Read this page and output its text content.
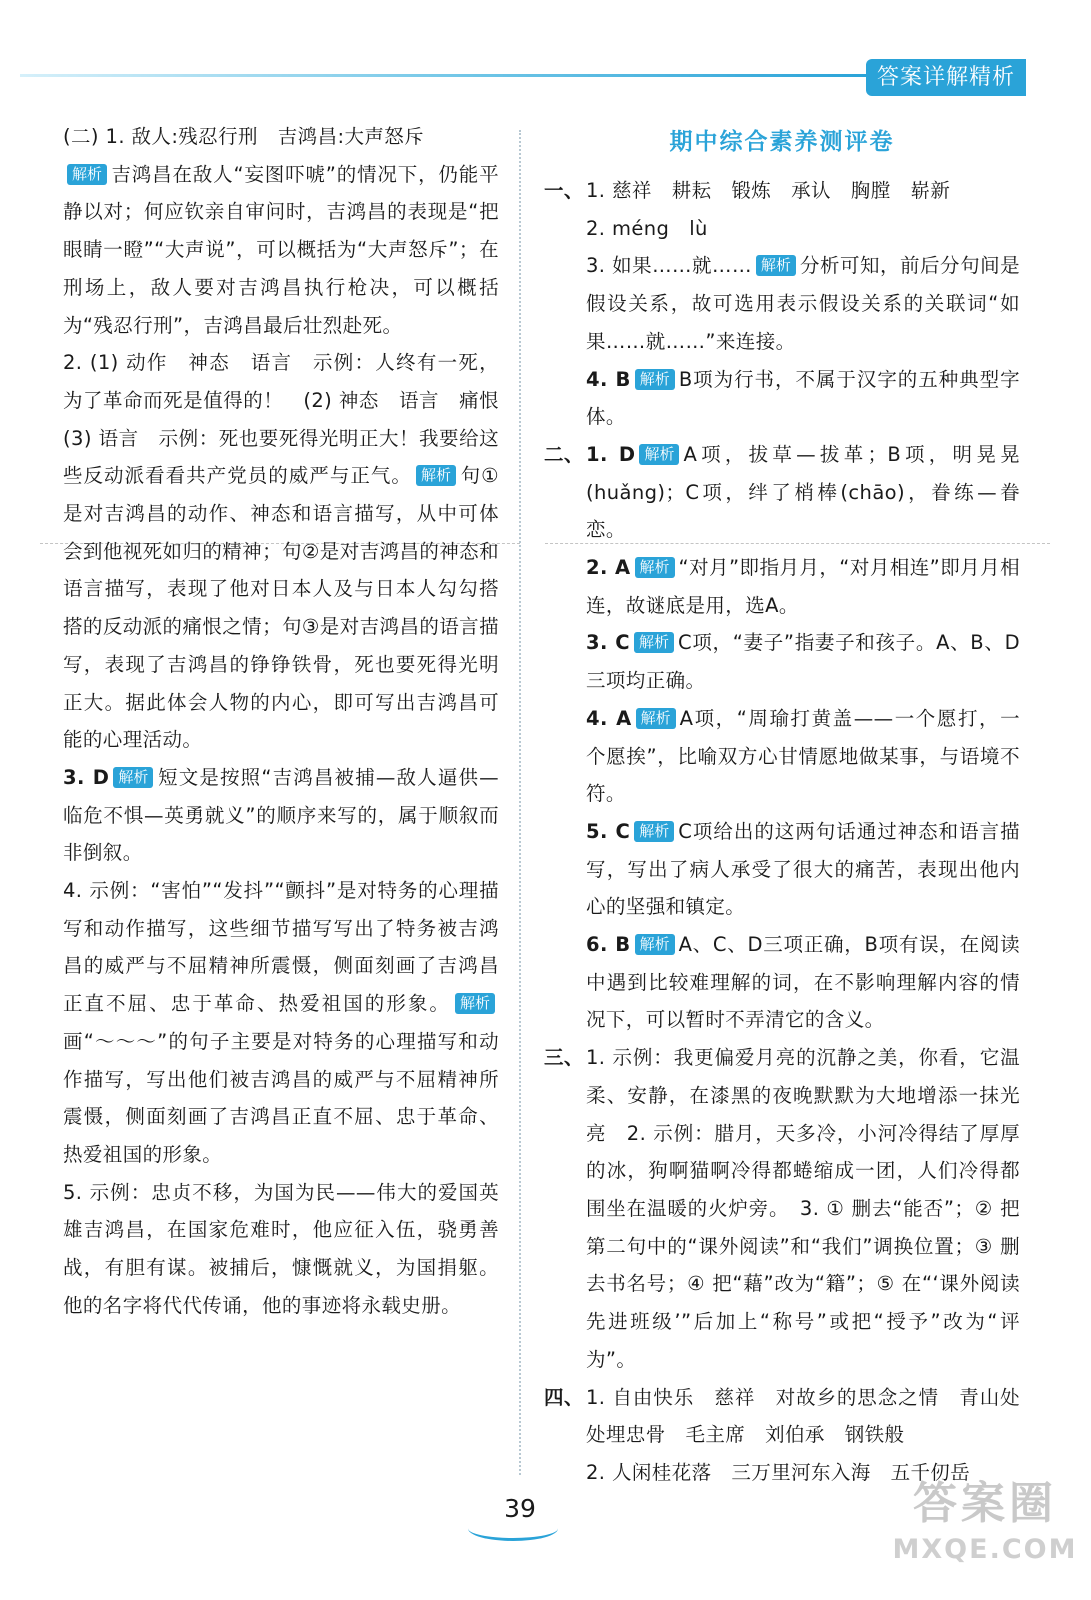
答案详解精析

(二) 1. 敌人:残忍行刑　吉鸿昌:大声怒斥
解析 吉鸿昌在敌人“妄图吓唬”的情况下，仍能平静以对；何应钦亲自审问时，吉鸿昌的表现是“把眼睛一瞪”“大声说”，可以概括为“大声怒斥”；在刑场上，敌人要对吉鸿昌执行枪决，可以概括为“残忍行刑”，吉鸿昌最后壮烈赴死。

2. (1) 动作　神态　语言　示例：人终有一死，为了革命而死是值得的！　(2) 神态　语言　痛恨　(3) 语言　示例：死也要死得光明正大！我要给这些反动派看看共产党员的威严与正气。 解析 句①是对吉鸿昌的动作、神态和语言描写，从中可体会到他视死如归的精神；句②是对吉鸿昌的神态和语言描写，表现了他对日本人及与日本人勾勾搭搭的反动派的痛恨之情；句③是对吉鸿昌的语言描写，表现了吉鸿昌的铮铮铁骨，死也要死得光明正大。据此体会人物的内心，即可写出吉鸿昌可能的心理活动。

3. D 解析 短文是按照“吉鸿昌被捕—敌人逼供—临危不惧—英勇就义”的顺序来写的，属于顺叙而非倒叙。

4. 示例：“害怕”“发抖”“颤抖”是对特务的心理描写和动作描写，这些细节描写写出了特务被吉鸿昌的威严与不屈精神所震慑，侧面刻画了吉鸿昌正直不屈、忠于革命、热爱祖国的形象。 解析画“～～～”的句子主要是对特务的心理描写和动作描写，写出他们被吉鸿昌的威严与不屈精神所震慑，侧面刻画了吉鸿昌正直不屈、忠于革命、热爱祖国的形象。

5. 示例：忠贞不移，为国为民——伟大的爱国英雄吉鸿昌，在国家危难时，他应征入伍，骁勇善战，有胆有谋。被捕后，慷慨就义，为国捐躯。他的名字将代代传诵，他的事迹将永载史册。

期中综合素养测评卷
一、 1. 慈祥　耕耘　锻炼　承认　胸膛　崭新

2. méng　lù

3. 如果……就…… 解析 分析可知，前后分句间是假设关系，故可选用表示假设关系的关联词“如果……就……”来连接。

4. B 解析 B项为行书，不属于汉字的五种典型字体。

二、 1. D 解析 A项，拔草—拔革；B项，明晃晃(huǎng)；C项，绊了梢棒(chāo)，眷练—眷恋。

2. A 解析 “对月”即指月月，“对月相连”即月月相连，故谜底是用，选A。

3. C 解析 C项，“妻子”指妻子和孩子。A、B、D三项均正确。

4. A 解析 A项，“周瑜打黄盖——一个愿打，一个愿挨”，比喻双方心甘情愿地做某事，与语境不符。

5. C 解析 C项给出的这两句话通过神态和语言描写，写出了病人承受了很大的痛苦，表现出他内心的坚强和镇定。

6. B 解析 A、C、D三项正确，B项有误，在阅读中遇到比较难理解的词，在不影响理解内容的情况下，可以暂时不弄清它的含义。

三、 1. 示例：我更偏爱月亮的沉静之美，你看，它温柔、安静，在漆黑的夜晚默默为大地增添一抹光亮　2. 示例：腊月，天多冷，小河冷得结了厚厚的冰，狗啊猫啊冷得都蜷缩成一团，人们冷得都围坐在温暖的火炉旁。　3. ① 删去“能否”；② 把第二句中的“课外阅读”和“我们”调换位置；③ 删去书名号；④ 把“藉”改为“籍”；⑤ 在“‘课外阅读先进班级’”后加上“称号”或把“授予”改为“评为”。

四、 1. 自由快乐　慈祥　对故乡的思念之情　青山处处埋忠骨　毛主席　刘伯承　钢铁般

2. 人闲桂花落　三万里河东入海　五千仞岳

39	答案圈
MXQE.COM
